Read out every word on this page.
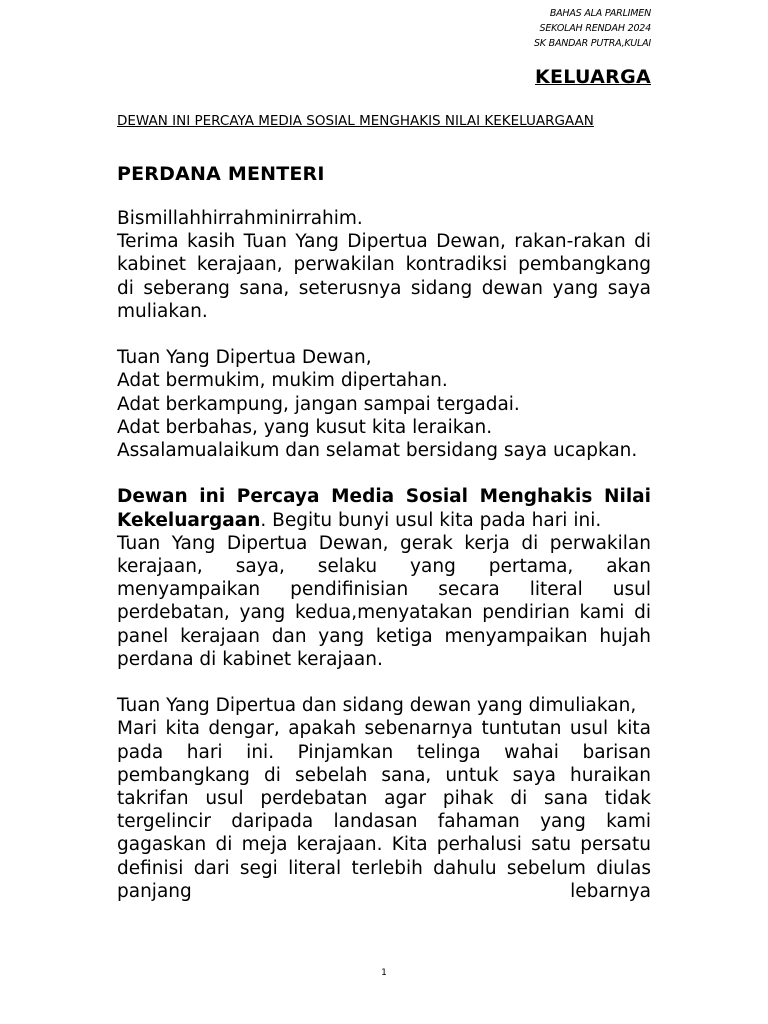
BAHAS ALA PARLIMEN
SEKOLAH RENDAH 2024
SK BANDAR PUTRA,KULAI
KELUARGA
DEWAN INI PERCAYA MEDIA SOSIAL MENGHAKIS NILAI KEKELUARGAAN
PERDANA MENTERI

Bismillahhirrahminirrahim.

Terima kasih Tuan Yang Dipertua Dewan, rakan-rakan di kabinet kerajaan, perwakilan kontradiksi pembangkang di seberang sana, seterusnya sidang dewan yang saya muliakan.

Tuan Yang Dipertua Dewan,

Adat bermukim, mukim dipertahan.

Adat berkampung, jangan sampai tergadai.

Adat berbahas, yang kusut kita leraikan.

Assalamualaikum dan selamat bersidang saya ucapkan.

Dewan ini Percaya Media Sosial Menghakis Nilai Kekeluargaan. Begitu bunyi usul kita pada hari ini.

Tuan Yang Dipertua Dewan, gerak kerja di perwakilan kerajaan, saya, selaku yang pertama, akan menyampaikan pendifinisian secara literal usul perdebatan, yang kedua,menyatakan pendirian kami di panel kerajaan dan yang ketiga menyampaikan hujah perdana di kabinet kerajaan.

Tuan Yang Dipertua dan sidang dewan yang dimuliakan,

Mari kita dengar, apakah sebenarnya tuntutan usul kita pada hari ini. Pinjamkan telinga wahai barisan pembangkang di sebelah sana, untuk saya huraikan takrifan usul perdebatan agar pihak di sana tidak tergelincir daripada landasan fahaman yang kami gagaskan di meja kerajaan. Kita perhalusi satu persatu definisi dari segi literal terlebih dahulu sebelum diulas panjang lebarnya

1
